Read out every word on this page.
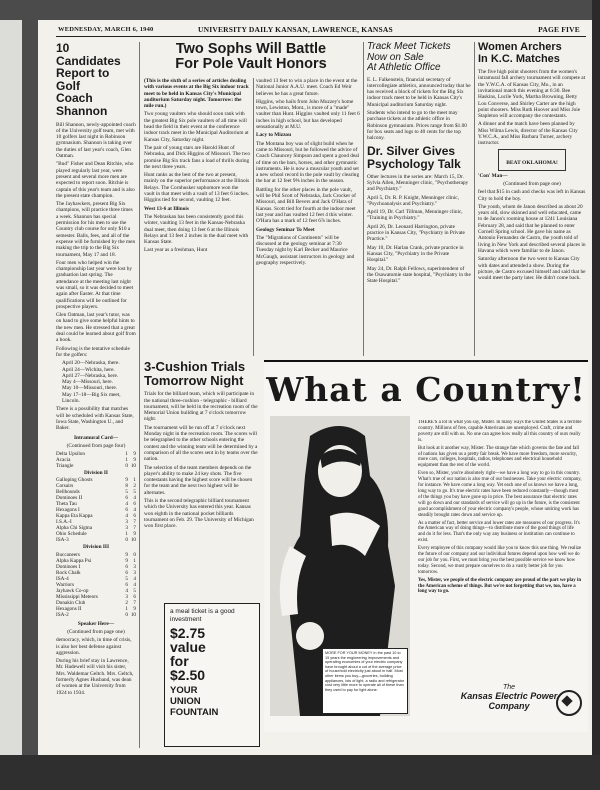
WEDNESDAY, MARCH 6, 1940	UNIVERSITY DAILY KANSAN, LAWRENCE, KANSAS	PAGE FIVE
10 Candidates
Report to Golf
Coach Shannon

Bill Shannon, newly-appointed coach of the University golf team, met with 10 golfers last night in Robinson gymnasium. Shannon is taking over the duties of last year's coach, Glen Oatman.

"Bud" Fisher and Dean Ritchie, who played regularly last year, were present and several more men are expected to report soon. Ritchie is captain of this year's team and is also the present state champion.

The Jayhawkers, present Big Six champions, will practice three times a week. Shannon has special permission for his men to use the Country club course for only $10 a semester. Balls, fees, and all of the expense will be furnished by the men making the trip to the Big Six tournament, May 17 and 18.

Four men who helped win the championship last year were lost by graduation last spring. The attendance at the meeting last night was small, so it was decided to meet again after Easter. At that time qualifications will be outlined for prospective players.

Glen Oatman, last year's tutor, was on hand to give some helpful hints to the new men. He stressed that a great deal could be learned about golf from a book.

Following is the tentative schedule for the golfers:

April 20—Nebraska, there.
April 24—Wichita, here.
April 27—Nebraska, here.
May 4—Missouri, here.
May 10—Missouri, there.
May 17–18—Big Six meet, Lincoln.

There is a possibility that matches will be scheduled with Kansas State, Iowa State, Washington U., and Baker.

Intramural Card—
(Continued from page four)
Delta Upsilon	1	9
Acacia	1	9
Triangle	0	10
Division II
Galloping Ghosts	9	1
Corsairs	8	2
Bellhounds	5	5
Dominoes II	6	4
Theta Tau	4	6
Hexagons I	6	4
Kappa Eta Kappa	4	6
I.S.A.-I	3	7
Alpha Chi Sigma	3	7
Ohio Schedule	1	9
ISA-3	0	10
Division III
Buccaneers	9	0
Alpha Kappa Psi	9	1
Dominoes I	6	3
Rock Chalk	6	3
ISA-4	5	4
Warriors	6	4
Jayhawk Co-op	4	5
Mississippi Meteors	3	6
Dunakin Club	2	7
Hexagons II	1	9
ISA-2	0	10
Speaker Here—
(Continued from page one)

democracy, which, in time of crisis, is also her best defense against aggression.

During his brief stay in Lawrence, Mr. Hadewell will visit his sister, Mrs. Waldemar Geltch. Mrs. Geltch, formerly Agnes Husband, was dean of women at the University from 1924 to 1934.

Two Sophs Will Battle
For Pole Vault Honors

(This is the sixth of a series of articles dealing with various events at the Big Six indoor track meet to be held in Kansas City's Municipal auditorium Saturday night. Tomorrow: the mile run.)

Two young vaulters who should soon rank with the greatest Big Six pole vaulters of all time will head the field in their event at the conference indoor track meet in the Municipal Auditorium at Kansas City, Saturday night.

The pair of young stars are Harold Hunt of Nebraska, and Dick Higgins of Missouri. The two promise Big Six track fans a load of thrills during the next three years.

Hunt ranks as the best of the two at present, mainly on the superior performance at the Illinois Relays. The Cornhusker sophomore won the vault in that meet with a vault of 13 feet 6 inches. Higgins tied for second, vaulting 12 feet.

West 13-6 at Illinois

The Nebraskan has been consistently good this winter, vaulting 13 feet in the Kansas-Nebraska dual meet, then doing 13 feet 6 at the Illinois Relays and 13 feet 2 inches in the dual meet with Kansas State.

Last year as a freshman, Hunt

vaulted 13 feet to win a place in the event at the National Junior A.A.U. meet. Coach Ed Weir believes he has a great future.

Higgins, who hails from John Muzzey's home town, Lewiston, Mont., is more of a "made" vaulter than Hunt. Higgins vaulted only 11 feet 6 inches in high school, but has developed sensationally at M.U.

Lacy to Mizzou

The Montana boy was of slight build when he came to Missouri, but he followed the advice of Coach Chauncey Simpson and spent a good deal of time on the bars, horses, and other gymnastic instruments. He is now a muscular youth and set a new school record in the pole vault by clearing the bar at 12 feet 9⅝ inches in the season.

Battling for the other places in the pole vault, will be Phil Scott of Nebraska, Jack Crocker of Missouri, and Bill Bevers and Jack O'Hara of Kansas. Scott tied for fourth at the indoor meet last year and has vaulted 12 feet 4 this winter. O'Hara has a mark of 12 feet 6⅞ inches.

Geology Seminar To Meet

The "Migrations of Continents" will be discussed at the geology seminar at 7:30 Tuesday night by Karl Becker and Maurice McGaugh, assistant instructors in geology and geography respectively.

Track Meet Tickets
Now on Sale
At Athletic Office

E. L. Falkenstein, financial secretary of intercollegiate athletics, announced today that he has received a block of tickets for the Big Six indoor track meet to be held in Kansas City's Municipal auditorium Saturday night.

Students who intend to go to the meet may purchase tickets at the athletic office in Robinson gymnasium. Prices range from $1.00 for box seats and logs to 40 cents for the top balcony.

Dr. Silver Gives
Psychology Talk

Other lectures in the series are: March 15, Dr. Sylvia Allen, Menninger clinic, "Psychotherapy and Psychiatry."

April 5, Dr. R. P. Knight, Menninger clinic, "Psychoanalysis and Psychiatry."

April 19, Dr. Carl Tillman, Menninger clinic, "Training in Psychiatry."

April 26, Dr. Leonard Harrington, private practice in Kansas City, "Psychiatry in Private Practice."

May 10, Dr. Harlan Crank, private practice in Kansas City, "Psychiatry in the Private Hospital."

May 24, Dr. Ralph Fellows, superintendent of the Osawatomie state hospital, "Psychiatry in the State Hospital."

Women Archers
In K.C. Matches

The five high point shooters from the women's intramural fall archery tournament will compete at the Y.W.C.A. of Kansas City, Mo., in an invitational match this evening at 6:30. Bee Haskins, Lucile York, Martha Browning, Betty Lou Converse, and Shirley Carter are the high point shooters. Miss Ruth Hoover and Miss Joie Stapleton will accompany the contestants.

A dinner and the match have been planned by Miss Wilma Lewis, director of the Kansas City Y.W.C.A., and Miss Barbara Turner, archery instructor.

BEAT OKLAHOMA!
'Con' Man—
(Continued from page one)

feel that $15 in cash and checks was left in Kansas City to hold the boy.

The youth, whom de Janon described as about 20 years old, slow skinned and well educated, came to de Janon's rooming house at 1241 Louisiana February 28, and said that he planned to enter Cornell Spring school. He gave his name as Antonio Fernandez de Castro, the youth told of living in New York and described several places in Havana which were familiar to de Janon.

Saturday afternoon the two went to Kansas City with dates and attended a show. During the picture, de Castro excused himself and said that he would meet the party later. He didn't come back.

3-Cushion Trials
Tomorrow Night

Trials for the billiard team, which will participate in the national three-cushion - telegraphic - billiard tournament, will be held in the recreation room of the Memorial Union building at 7 o'clock tomorrow night.

The tournament will be run off at 7 o'clock next Monday night in the recreation room. The scores will be telegraphed to the other schools entering the contest and the winning team will be determined by a comparison of all the scores sent in by teams over the nation.

The selection of the team members depends on the player's ability to make 24 key shots. The five contestants having the highest score will be chosen for the team and the next two highest will be alternates.

This is the second telegraphic billiard tournament which the University has entered this year. Kansas won eighth in the national pocket billiards tournament on Feb. 29. The University of Michigan won first place.

a meal ticket is a good investment
$2.75
value
for
$2.50
YOUR
UNION
FOUNTAIN
What a Country!
MORE FOR YOUR MONEY In the past 10 to 15 years the engineering improvements and operating economies of your electric company have brought about a cut of the average price of household electricity just about in half. Most other items you buy—groceries, building appliances, lots of light, a radio and refrigerator cost very little more to operate all of these than they used to pay for light alone.

THERE'S a lot in what you say, Mister. In many ways the United States is a terrible country. Millions of free, capable Americans are unemployed. Craft, crime and poverty are still with us. No one can agree how really all this country of ours really is.

But look at it another way, Mister. The strange fate which governs the fate and fall of nations has given us a pretty fair break. We have more freedom, more security, more cars, colleges, hospitals, radios, telephones and electrical household equipment than the rest of the world.

Even so, Mister, you're absolutely right—we have a long way to go in this country. What's true of our nation is also true of our businesses. Take your electric company, for instance. We have come a long way. Yet each one of us knows we have a long, long way to go. It's true electric rates have been reduced constantly—though most of the things you buy have gone up in price. The best assurance that electric rates will go down and our standards of service will go up in the future, is the consistent good accomplishment of your electric company's people, whose untiring work has steadily brought rates down and service up.

As a matter of fact, better service and lower rates are measures of our progress. It's the American way of doing things—to distribute more of the good things of life and do it for less. That's the only way any business or institution can continue to exist.

Every employee of this company would like you to know this one thing. We realize the future of our company and our individual futures depend upon how well we do our job for you. First, we must bring you the best possible service we know how today. Second, we must prepare ourselves to do a vastly better job for you tomorrow.

Yes, Mister, we people of the electric company are proud of the part we play in the American scheme of things. But we're not forgetting that we, too, have a long way to go.

The
Kansas Electric Power
Company
